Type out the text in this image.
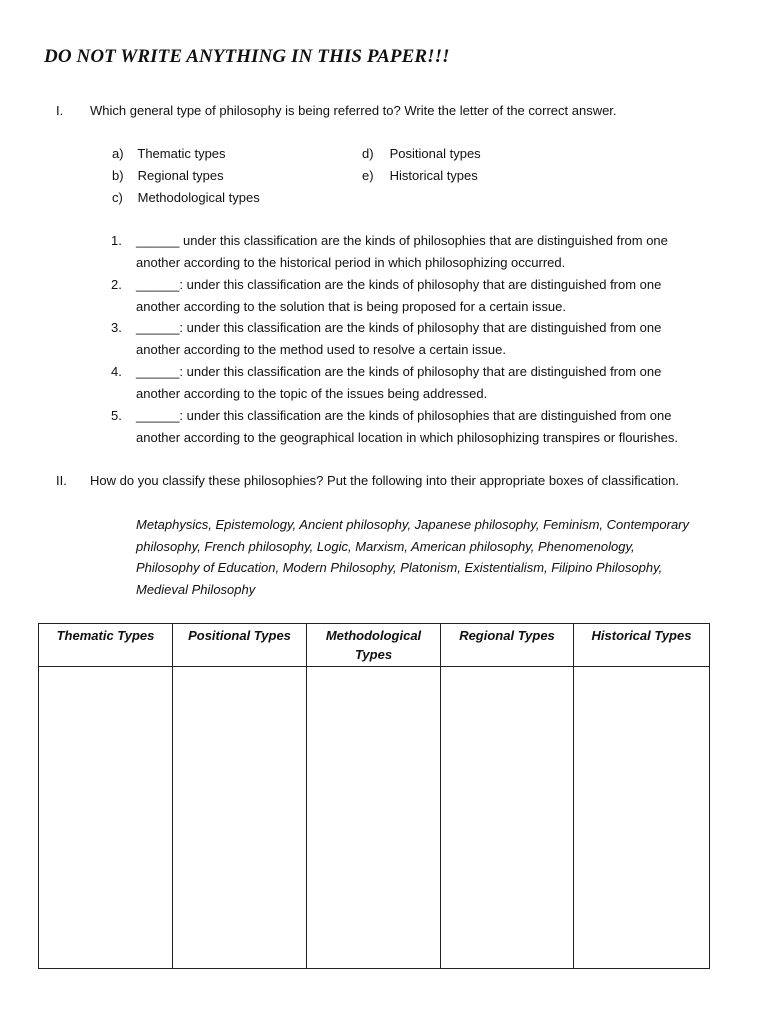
DO NOT WRITE ANYTHING IN THIS PAPER!!!
I. Which general type of philosophy is being referred to? Write the letter of the correct answer.
a) Thematic types
b) Regional types
c) Methodological types
d) Positional types
e) Historical types
1. ______ under this classification are the kinds of philosophies that are distinguished from one
another according to the historical period in which philosophizing occurred.
2. ______: under this classification are the kinds of philosophy that are distinguished from one
another according to the solution that is being proposed for a certain issue.
3. ______: under this classification are the kinds of philosophy that are distinguished from one
another according to the method used to resolve a certain issue.
4. ______: under this classification are the kinds of philosophy that are distinguished from one
another according to the topic of the issues being addressed.
5. ______: under this classification are the kinds of philosophies that are distinguished from one
another according to the geographical location in which philosophizing transpires or flourishes.
II. How do you classify these philosophies? Put the following into their appropriate boxes of classification.
Metaphysics, Epistemology, Ancient philosophy, Japanese philosophy, Feminism, Contemporary
philosophy, French philosophy, Logic, Marxism, American philosophy, Phenomenology,
Philosophy of Education, Modern Philosophy, Platonism, Existentialism, Filipino Philosophy,
Medieval Philosophy
Thematic Types	Positional Types	Methodological Types	Regional Types	Historical Types
